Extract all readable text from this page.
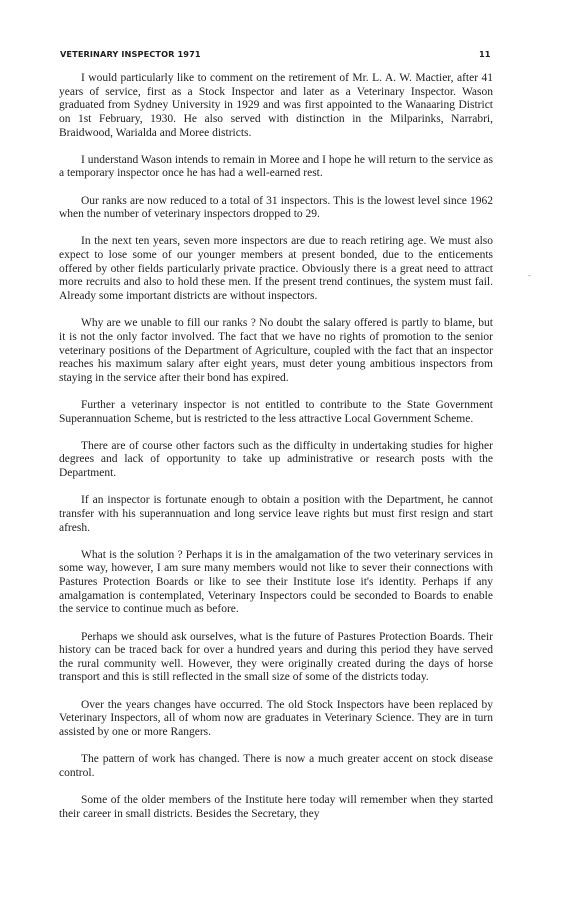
VETERINARY INSPECTOR 1971	11

I would particularly like to comment on the retirement of Mr. L. A. W. Mactier, after 41 years of service, first as a Stock Inspector and later as a Veterinary Inspector. Wason graduated from Sydney University in 1929 and was first appointed to the Wanaaring District on 1st February, 1930. He also served with distinction in the Milparinks, Narrabri, Braidwood, Warialda and Moree districts.

I understand Wason intends to remain in Moree and I hope he will return to the service as a temporary inspector once he has had a well-earned rest.

Our ranks are now reduced to a total of 31 inspectors. This is the lowest level since 1962 when the number of veterinary inspectors dropped to 29.

In the next ten years, seven more inspectors are due to reach retiring age. We must also expect to lose some of our younger members at present bonded, due to the enticements offered by other fields particularly private practice. Obviously there is a great need to attract more recruits and also to hold these men. If the present trend continues, the system must fail. Already some important districts are without inspectors.

Why are we unable to fill our ranks ? No doubt the salary offered is partly to blame, but it is not the only factor involved. The fact that we have no rights of promotion to the senior veterinary positions of the Department of Agriculture, coupled with the fact that an inspector reaches his maximum salary after eight years, must deter young ambitious inspectors from staying in the service after their bond has expired.

Further a veterinary inspector is not entitled to contribute to the State Government Superannuation Scheme, but is restricted to the less attractive Local Government Scheme.

There are of course other factors such as the difficulty in undertaking studies for higher degrees and lack of opportunity to take up administrative or research posts with the Department.

If an inspector is fortunate enough to obtain a position with the Department, he cannot transfer with his superannuation and long service leave rights but must first resign and start afresh.

What is the solution ? Perhaps it is in the amalgamation of the two veterinary services in some way, however, I am sure many members would not like to sever their connections with Pastures Protection Boards or like to see their Institute lose it's identity. Perhaps if any amalgamation is contemplated, Veterinary Inspectors could be seconded to Boards to enable the service to continue much as before.

Perhaps we should ask ourselves, what is the future of Pastures Protection Boards. Their history can be traced back for over a hundred years and during this period they have served the rural community well. However, they were originally created during the days of horse transport and this is still reflected in the small size of some of the districts today.

Over the years changes have occurred. The old Stock Inspectors have been replaced by Veterinary Inspectors, all of whom now are graduates in Veterinary Science. They are in turn assisted by one or more Rangers.

The pattern of work has changed. There is now a much greater accent on stock disease control.

Some of the older members of the Institute here today will remember when they started their career in small districts. Besides the Secretary, they

-
